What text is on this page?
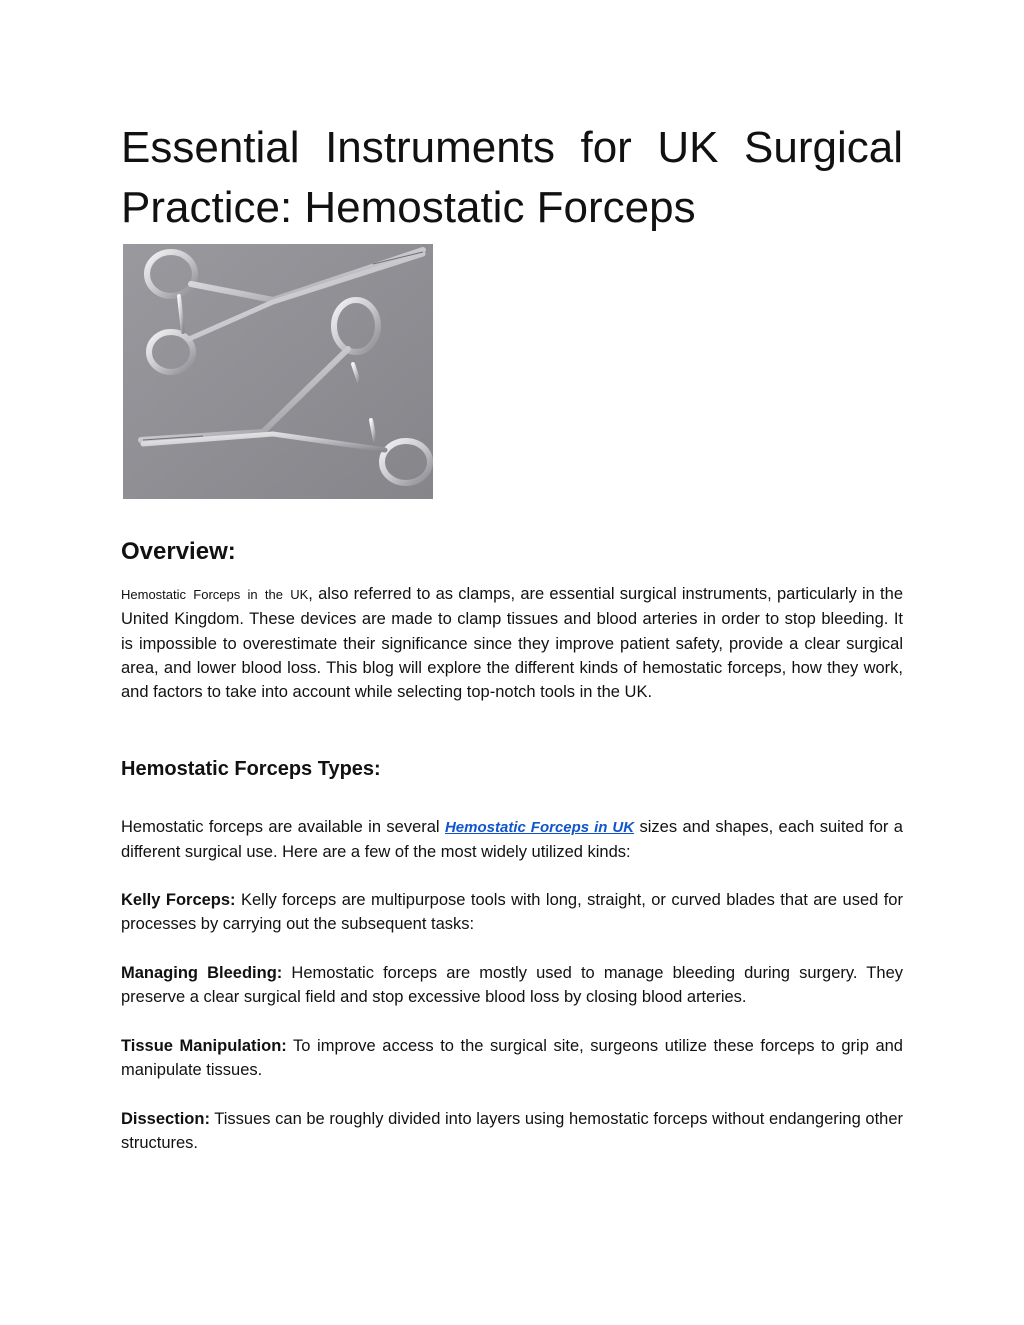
Essential Instruments for UK Surgical Practice: Hemostatic Forceps
Overview:

Hemostatic Forceps in the UK, also referred to as clamps, are essential surgical instruments, particularly in the United Kingdom. These devices are made to clamp tissues and blood arteries in order to stop bleeding. It is impossible to overestimate their significance since they improve patient safety, provide a clear surgical area, and lower blood loss. This blog will explore the different kinds of hemostatic forceps, how they work, and factors to take into account while selecting top-notch tools in the UK.

Hemostatic Forceps Types:

Hemostatic forceps are available in several Hemostatic Forceps in UK sizes and shapes, each suited for a different surgical use. Here are a few of the most widely utilized kinds:

Kelly Forceps: Kelly forceps are multipurpose tools with long, straight, or curved blades that are used for processes by carrying out the subsequent tasks:

Managing Bleeding: Hemostatic forceps are mostly used to manage bleeding during surgery. They preserve a clear surgical field and stop excessive blood loss by closing blood arteries.

Tissue Manipulation: To improve access to the surgical site, surgeons utilize these forceps to grip and manipulate tissues.

Dissection: Tissues can be roughly divided into layers using hemostatic forceps without endangering other structures.
